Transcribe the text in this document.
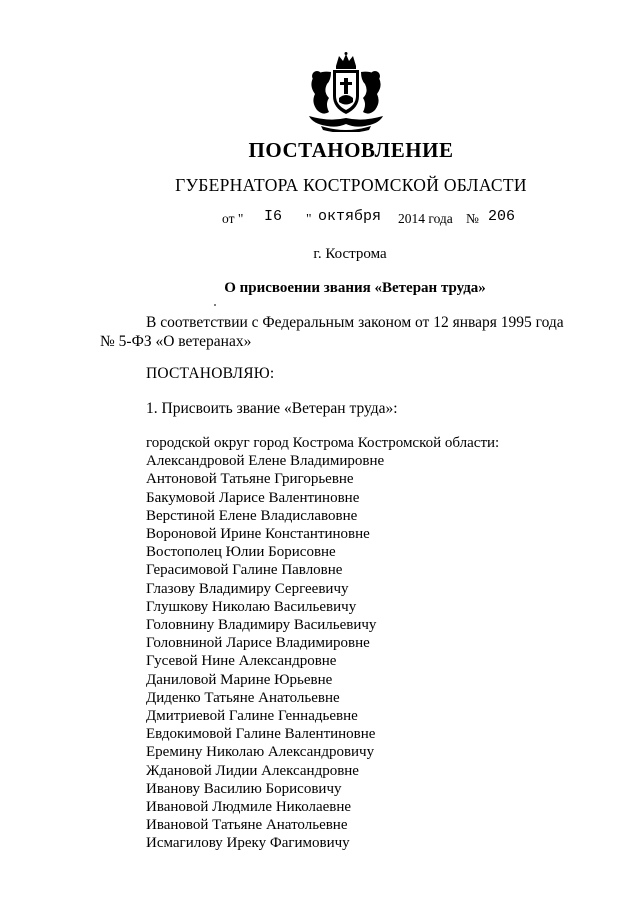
ПОСТАНОВЛЕНИЕ
ГУБЕРНАТОРА КОСТРОМСКОЙ ОБЛАСТИ
от " I6 " октября 2014 года № 206
г. Кострома
О присвоении звания «Ветеран труда»
В соответствии с Федеральным законом от 12 января 1995 года
№ 5-ФЗ «О ветеранах»
ПОСТАНОВЛЯЮ:
1. Присвоить звание «Ветеран труда»:
городской округ город Кострома Костромской области:
Александровой Елене Владимировне
Антоновой Татьяне Григорьевне
Бакумовой Ларисе Валентиновне
Верстиной Елене Владиславовне
Вороновой Ирине Константиновне
Востополец Юлии Борисовне
Герасимовой Галине Павловне
Глазову Владимиру Сергеевичу
Глушкову Николаю Васильевичу
Головнину Владимиру Васильевичу
Головниной Ларисе Владимировне
Гусевой Нине Александровне
Даниловой Марине Юрьевне
Диденко Татьяне Анатольевне
Дмитриевой Галине Геннадьевне
Евдокимовой Галине Валентиновне
Еремину Николаю Александровичу
Ждановой Лидии Александровне
Иванову Василию Борисовичу
Ивановой Людмиле Николаевне
Ивановой Татьяне Анатольевне
Исмагилову Иреку Фагимовичу
